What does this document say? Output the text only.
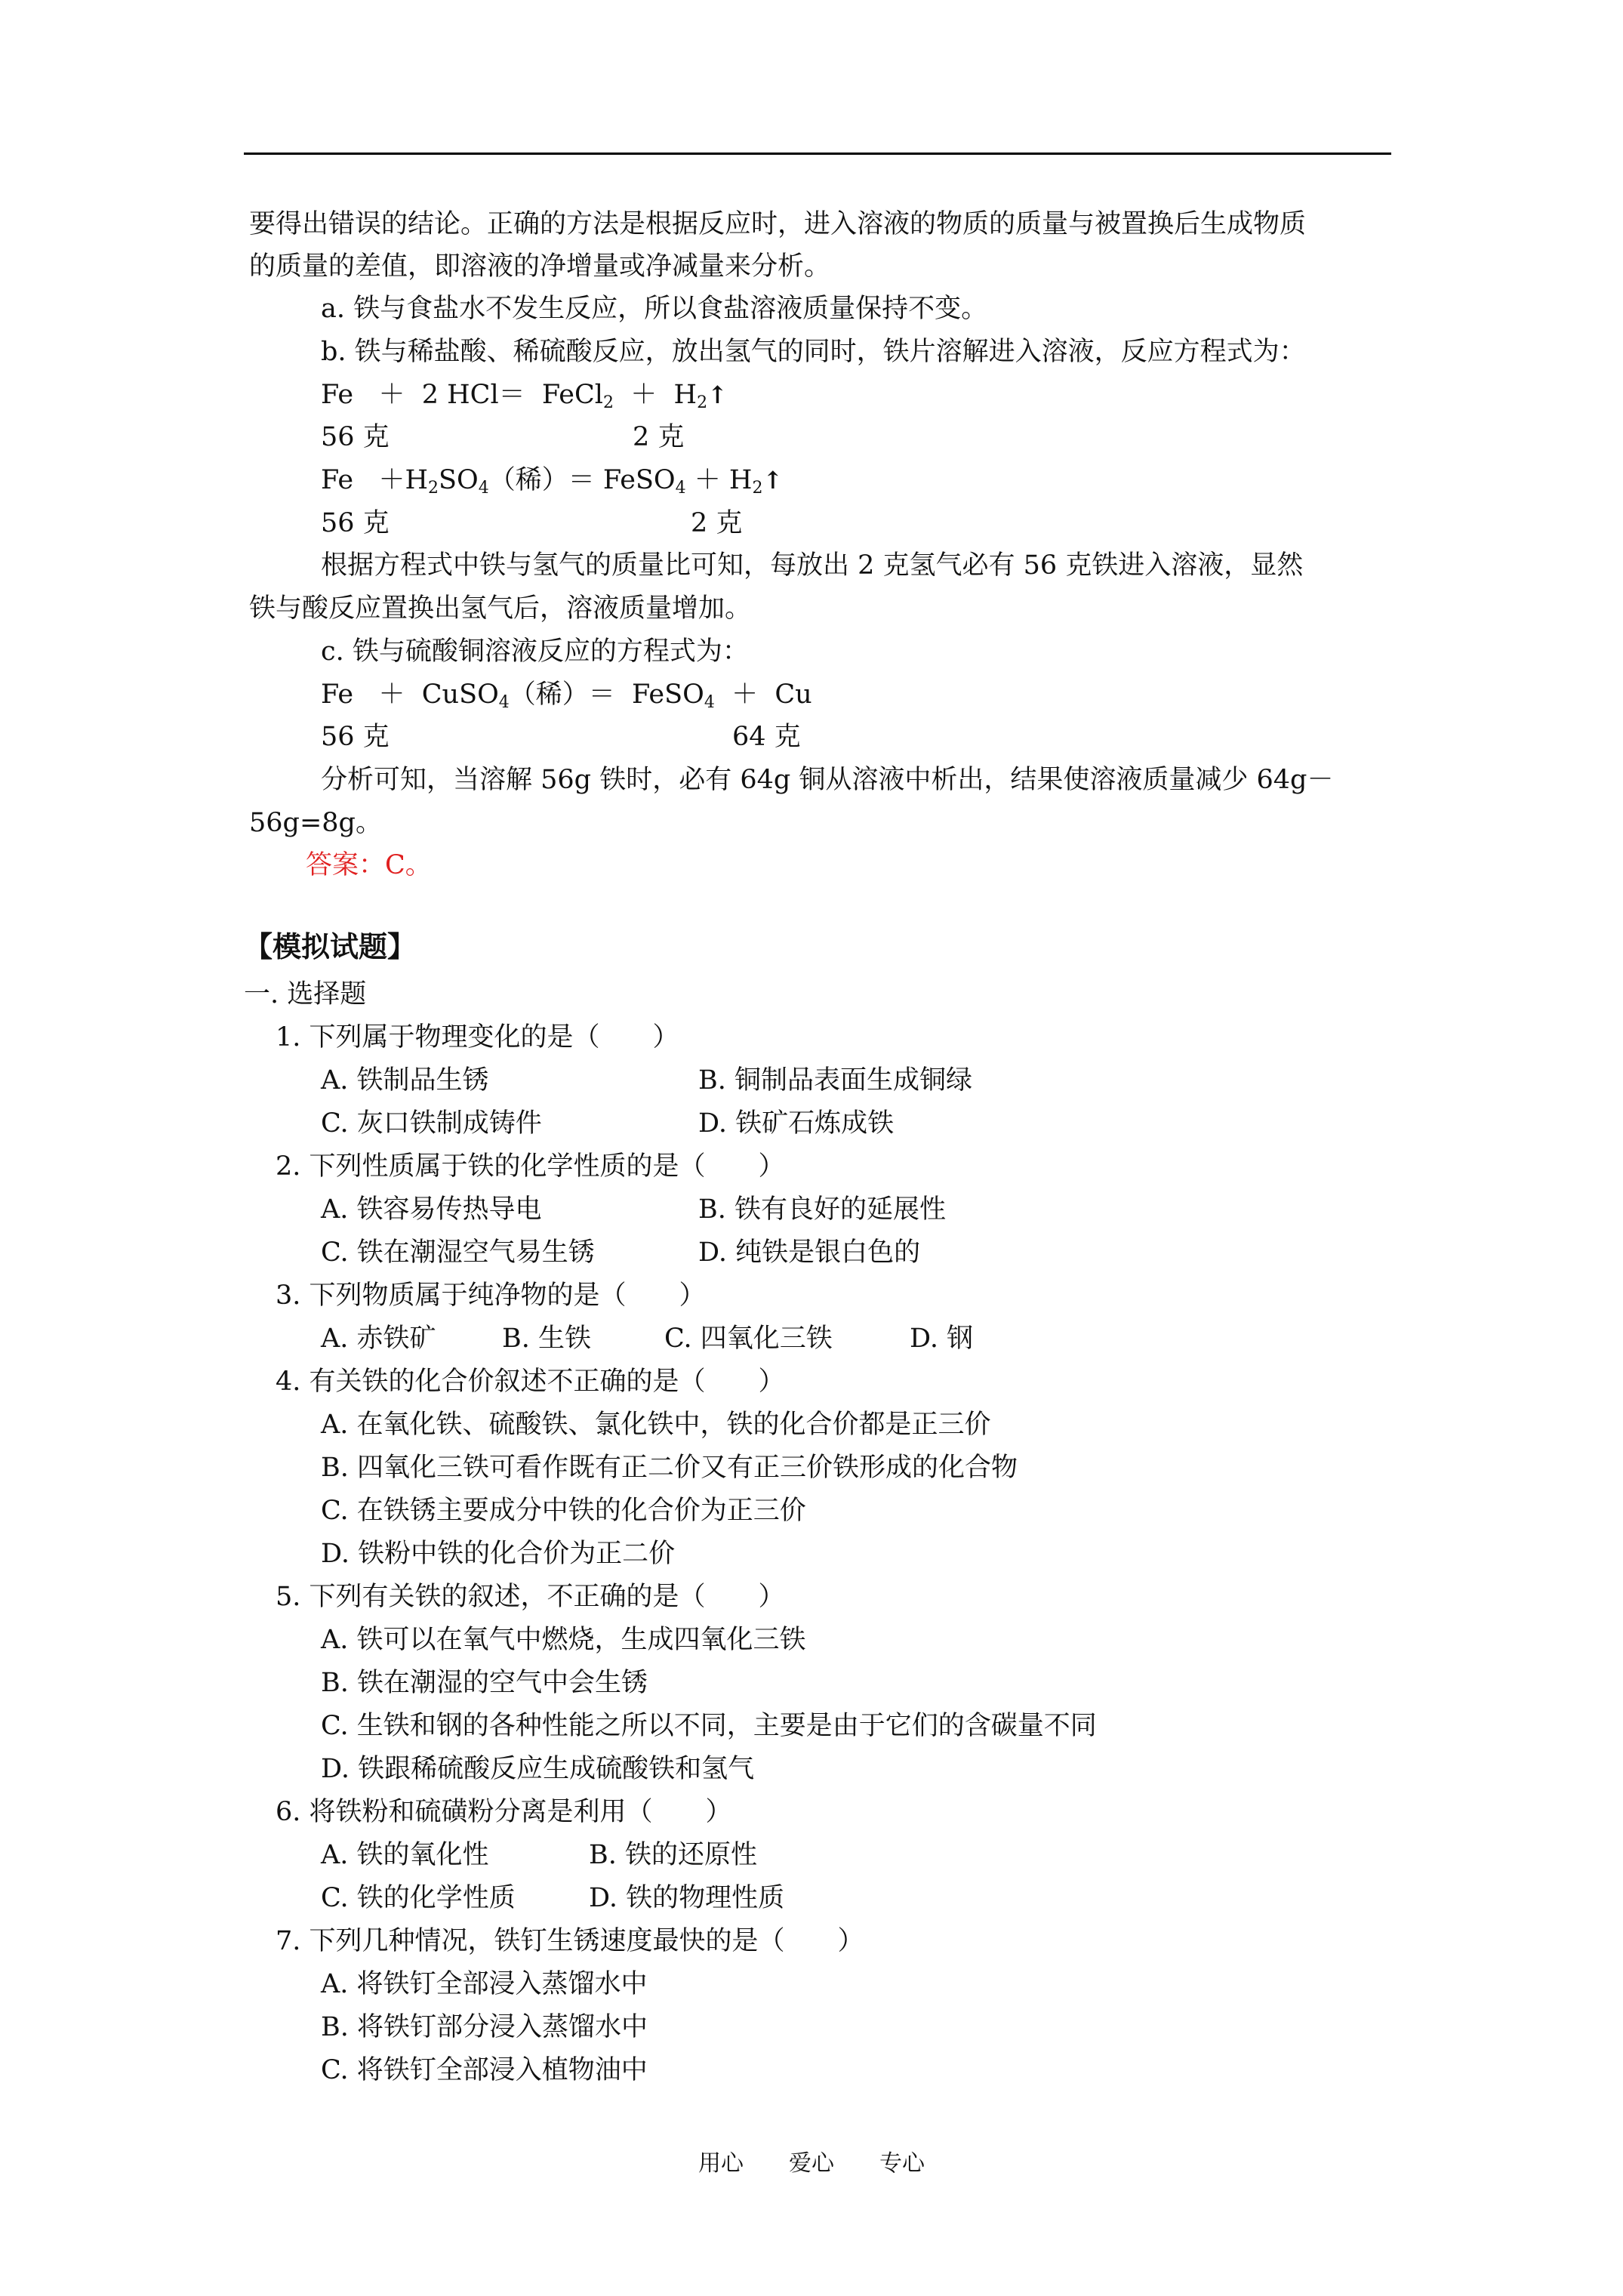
要得出错误的结论。正确的方法是根据反应时，进入溶液的物质的质量与被置换后生成物质
的质量的差值，即溶液的净增量或净减量来分析。
a. 铁与食盐水不发生反应，所以食盐溶液质量保持不变。
b. 铁与稀盐酸、稀硫酸反应，放出氢气的同时，铁片溶解进入溶液，反应方程式为：
Fe ＋ 2 HCl＝ FeCl$_2$ ＋ $H_2↑$
56 克	2 克
$Fe +H_2SO_4$（稀）＝ FeSO$_4$ ＋ $H_2↑$
56 克	2 克
根据方程式中铁与氢气的质量比可知，每放出 2 克氢气必有 56 克铁进入溶液，显然
铁与酸反应置换出氢气后，溶液质量增加。
c. 铁与硫酸铜溶液反应的方程式为：
Fe ＋ CuSO$_4$（稀）＝ FeSO$_4$ ＋ Cu
56 克	64 克
分析可知，当溶解 56g 铁时，必有 64g 铜从溶液中析出，结果使溶液质量减少 64g－
56g=8g。
答案：C。
【模拟试题】
一. 选择题
1. 下列属于物理变化的是（　　）
A. 铁制品生锈	B. 铜制品表面生成铜绿
C. 灰口铁制成铸件	D. 铁矿石炼成铁
2. 下列性质属于铁的化学性质的是（　　）
A. 铁容易传热导电	B. 铁有良好的延展性
C. 铁在潮湿空气易生锈	D. 纯铁是银白色的
3. 下列物质属于纯净物的是（　　）
A. 赤铁矿 B. 生铁	C. 四氧化三铁	D. 钢
4. 有关铁的化合价叙述不正确的是（　　）
A. 在氧化铁、硫酸铁、氯化铁中，铁的化合价都是正三价
B. 四氧化三铁可看作既有正二价又有正三价铁形成的化合物
C. 在铁锈主要成分中铁的化合价为正三价
D. 铁粉中铁的化合价为正二价
5. 下列有关铁的叙述，不正确的是（　　）
A. 铁可以在氧气中燃烧，生成四氧化三铁
B. 铁在潮湿的空气中会生锈
C. 生铁和钢的各种性能之所以不同，主要是由于它们的含碳量不同
D. 铁跟稀硫酸反应生成硫酸铁和氢气
6. 将铁粉和硫磺粉分离是利用（　　）
A. 铁的氧化性	B. 铁的还原性
C. 铁的化学性质	D. 铁的物理性质
7. 下列几种情况，铁钉生锈速度最快的是（　　）
A. 将铁钉全部浸入蒸馏水中
B. 将铁钉部分浸入蒸馏水中
C. 将铁钉全部浸入植物油中
用心　　爱心　　专心
